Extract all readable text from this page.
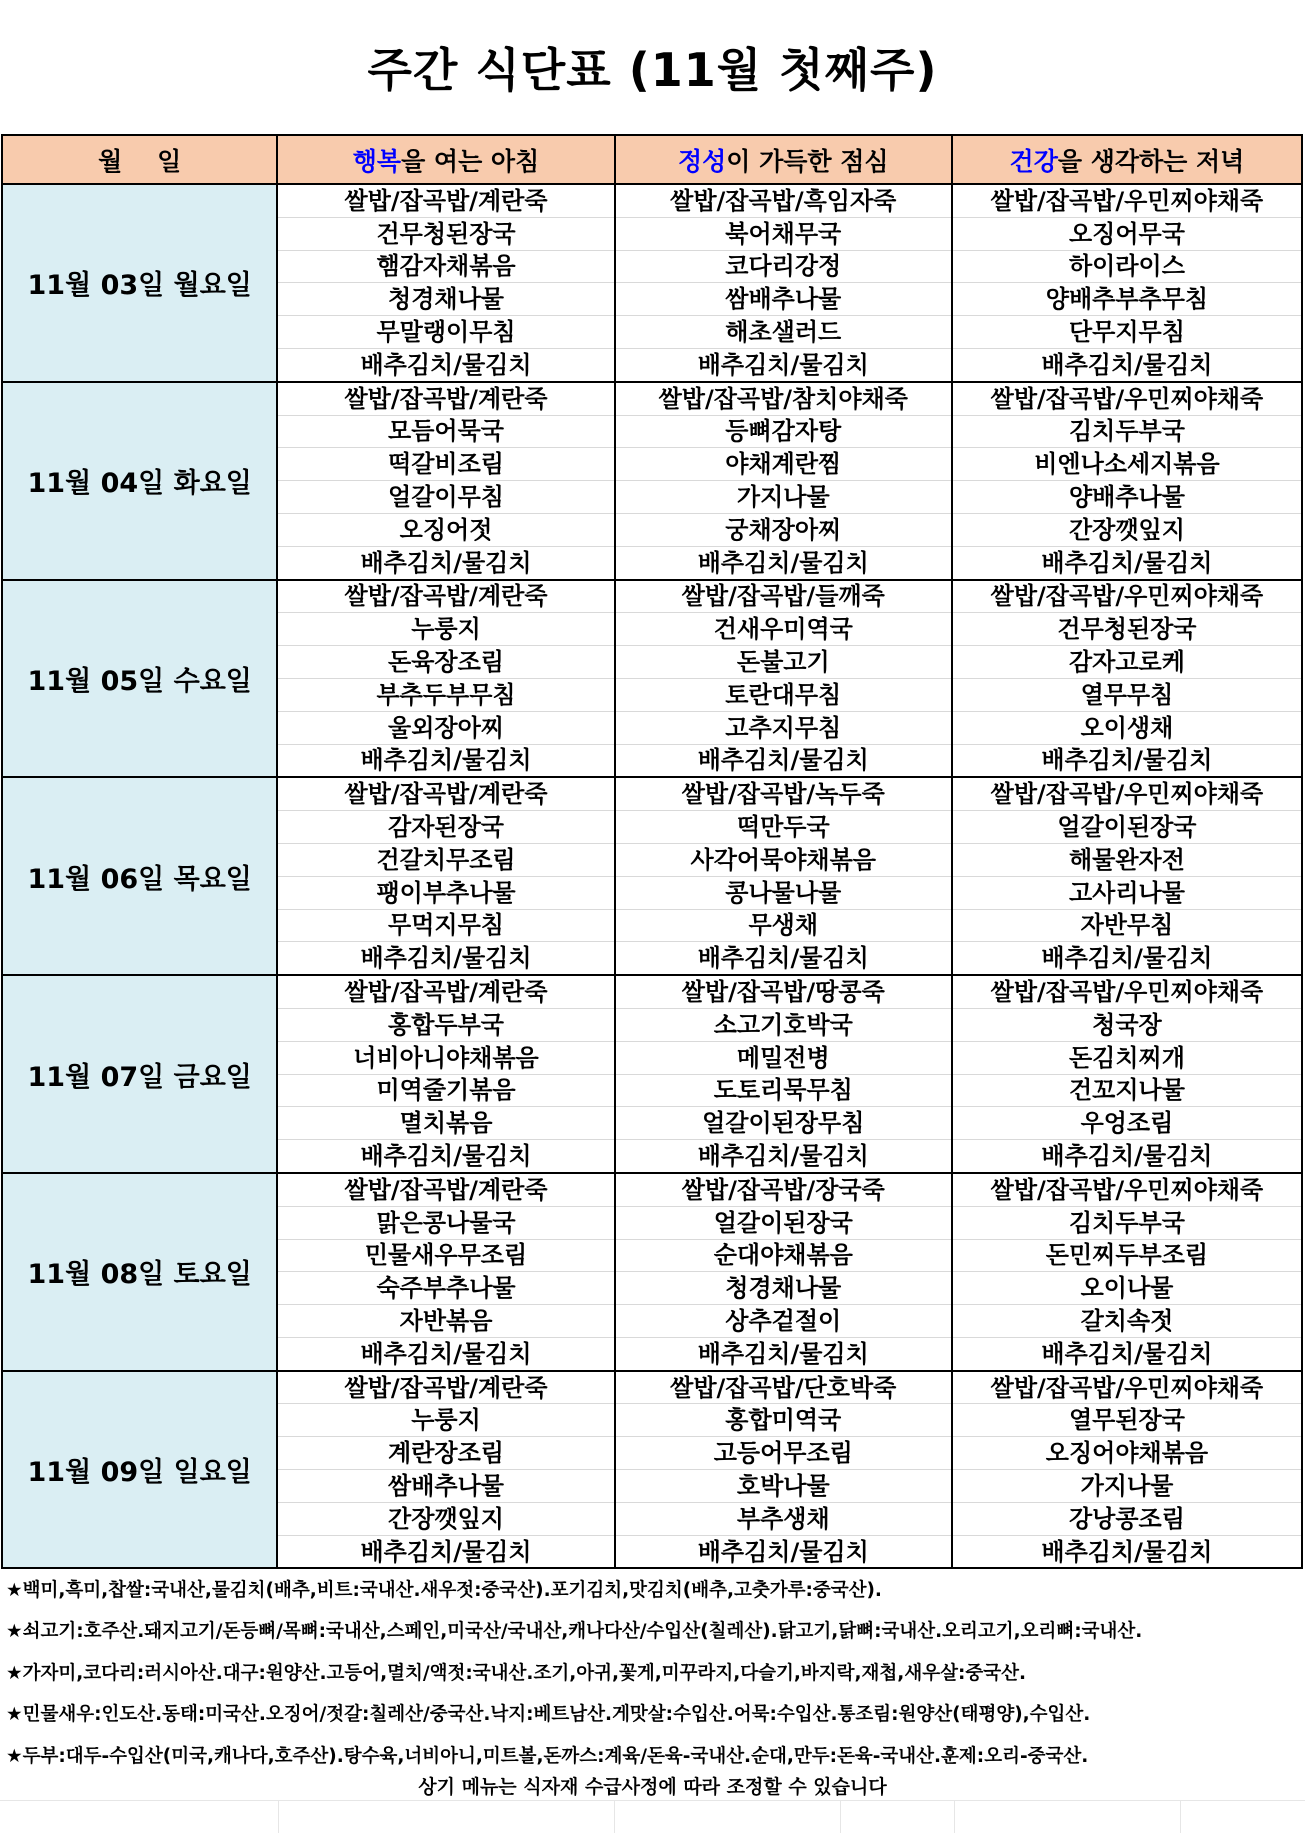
주간 식단표 (11월 첫째주)
월    일	행복을 여는 아침	정성이 가득한 점심	건강을 생각하는 저녁
11월 03일 월요일	쌀밥/잡곡밥/계란죽	쌀밥/잡곡밥/흑임자죽	쌀밥/잡곡밥/우민찌야채죽
	건무청된장국	북어채무국	오징어무국
	햄감자채볶음	코다리강정	하이라이스
	청경채나물	쌈배추나물	양배추부추무침
	무말랭이무침	해초샐러드	단무지무침
	배추김치/물김치	배추김치/물김치	배추김치/물김치
11월 04일 화요일	쌀밥/잡곡밥/계란죽	쌀밥/잡곡밥/참치야채죽	쌀밥/잡곡밥/우민찌야채죽
	모듬어묵국	등뼈감자탕	김치두부국
	떡갈비조림	야채계란찜	비엔나소세지볶음
	얼갈이무침	가지나물	양배추나물
	오징어젓	궁채장아찌	간장깻잎지
	배추김치/물김치	배추김치/물김치	배추김치/물김치
11월 05일 수요일	쌀밥/잡곡밥/계란죽	쌀밥/잡곡밥/들깨죽	쌀밥/잡곡밥/우민찌야채죽
	누룽지	건새우미역국	건무청된장국
	돈육장조림	돈불고기	감자고로케
	부추두부무침	토란대무침	열무무침
	울외장아찌	고추지무침	오이생채
	배추김치/물김치	배추김치/물김치	배추김치/물김치
11월 06일 목요일	쌀밥/잡곡밥/계란죽	쌀밥/잡곡밥/녹두죽	쌀밥/잡곡밥/우민찌야채죽
	감자된장국	떡만두국	얼갈이된장국
	건갈치무조림	사각어묵야채볶음	해물완자전
	팽이부추나물	콩나물나물	고사리나물
	무먹지무침	무생채	자반무침
	배추김치/물김치	배추김치/물김치	배추김치/물김치
11월 07일 금요일	쌀밥/잡곡밥/계란죽	쌀밥/잡곡밥/땅콩죽	쌀밥/잡곡밥/우민찌야채죽
	홍합두부국	소고기호박국	청국장
	너비아니야채볶음	메밀전병	돈김치찌개
	미역줄기볶음	도토리묵무침	건꼬지나물
	멸치볶음	얼갈이된장무침	우엉조림
	배추김치/물김치	배추김치/물김치	배추김치/물김치
11월 08일 토요일	쌀밥/잡곡밥/계란죽	쌀밥/잡곡밥/장국죽	쌀밥/잡곡밥/우민찌야채죽
	맑은콩나물국	얼갈이된장국	김치두부국
	민물새우무조림	순대야채볶음	돈민찌두부조림
	숙주부추나물	청경채나물	오이나물
	자반볶음	상추겉절이	갈치속젓
	배추김치/물김치	배추김치/물김치	배추김치/물김치
11월 09일 일요일	쌀밥/잡곡밥/계란죽	쌀밥/잡곡밥/단호박죽	쌀밥/잡곡밥/우민찌야채죽
	누룽지	홍합미역국	열무된장국
	계란장조림	고등어무조림	오징어야채볶음
	쌈배추나물	호박나물	가지나물
	간장깻잎지	부추생채	강낭콩조림
	배추김치/물김치	배추김치/물김치	배추김치/물김치
★백미,흑미,찹쌀:국내산,물김치(배추,비트:국내산.새우젓:중국산).포기김치,맛김치(배추,고춧가루:중국산).
★쇠고기:호주산.돼지고기/돈등뼈/목뼈:국내산,스페인,미국산/국내산,캐나다산/수입산(칠레산).닭고기,닭뼈:국내산.오리고기,오리뼈:국내산.
★가자미,코다리:러시아산.대구:원양산.고등어,멸치/액젓:국내산.조기,아귀,꽃게,미꾸라지,다슬기,바지락,재첩,새우살:중국산.
★민물새우:인도산.동태:미국산.오징어/젓갈:칠레산/중국산.낙지:베트남산.게맛살:수입산.어묵:수입산.통조림:원양산(태평양),수입산.
★두부:대두-수입산(미국,캐나다,호주산).탕수육,너비아니,미트볼,돈까스:계육/돈육-국내산.순대,만두:돈육-국내산.훈제:오리-중국산.
상기 메뉴는 식자재 수급사정에 따라 조정할 수 있습니다
